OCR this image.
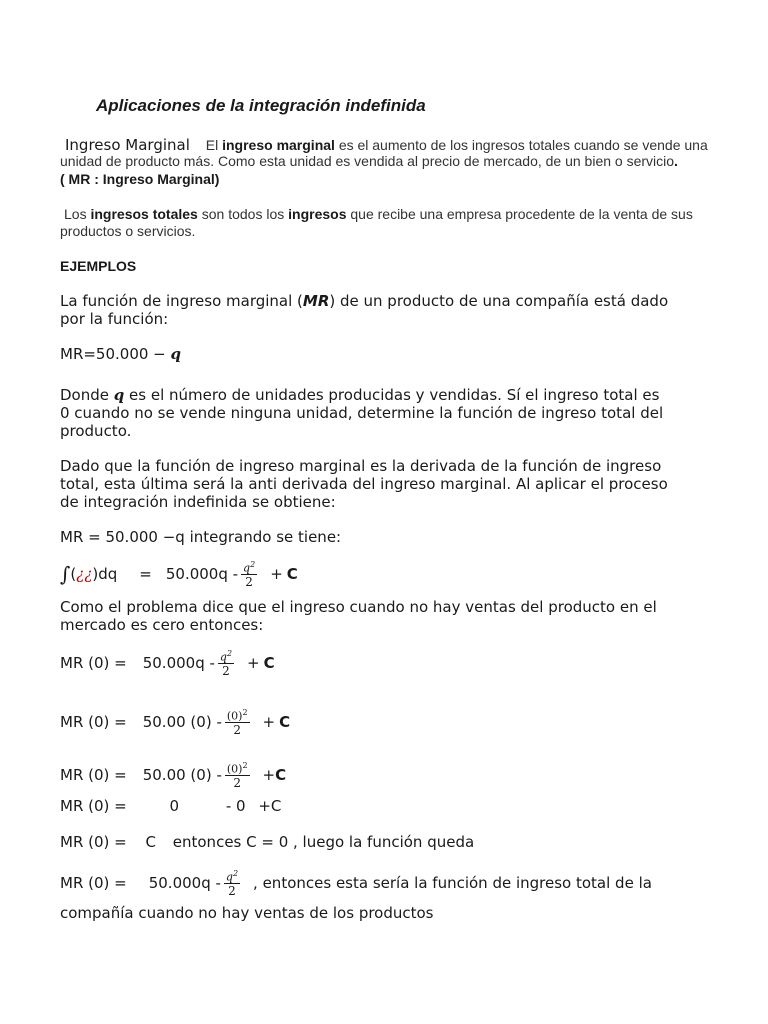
Aplicaciones de la integración indefinida
Ingreso Marginal El ingreso marginal es el aumento de los ingresos totales cuando se vende una
unidad de producto más. Como esta unidad es vendida al precio de mercado, de un bien o servicio.
( MR : Ingreso Marginal)
Los ingresos totales son todos los ingresos que recibe una empresa procedente de la venta de sus
productos o servicios.
EJEMPLOS
La función de ingreso marginal (MR) de un producto de una compañía está dado
por la función:
MR=50.000 − q
Donde q es el número de unidades producidas y vendidas. Sí el ingreso total es
0 cuando no se vende ninguna unidad, determine la función de ingreso total del
producto.
Dado que la función de ingreso marginal es la derivada de la función de ingreso
total, esta última será la anti derivada del ingreso marginal. Al aplicar el proceso
de integración indefinida se obtiene:
MR = 50.000 −q integrando se tiene:
∫ ( ¿¿ )$dq = 50.000q - \frac{q^2}{2} + C$
Como el problema dice que el ingreso cuando no hay ventas del producto en el
mercado es cero entonces:
MR $(0) = 50.000q - \frac{q^2}{2} + C$
MR (0) = 50.00 $(0) - \frac{(0)^2}{2} + C$
MR (0) = 50.00 $(0) - \frac{(0)^2}{2} + C$
MR (0) =	0	- 0 +C
MR (0) = C entonces C = 0 , luego la función queda
MR $(0) = 50.000q - \frac{q^2}{2}$ , entonces esta sería la función de ingreso total de la
compañía cuando no hay ventas de los productos
